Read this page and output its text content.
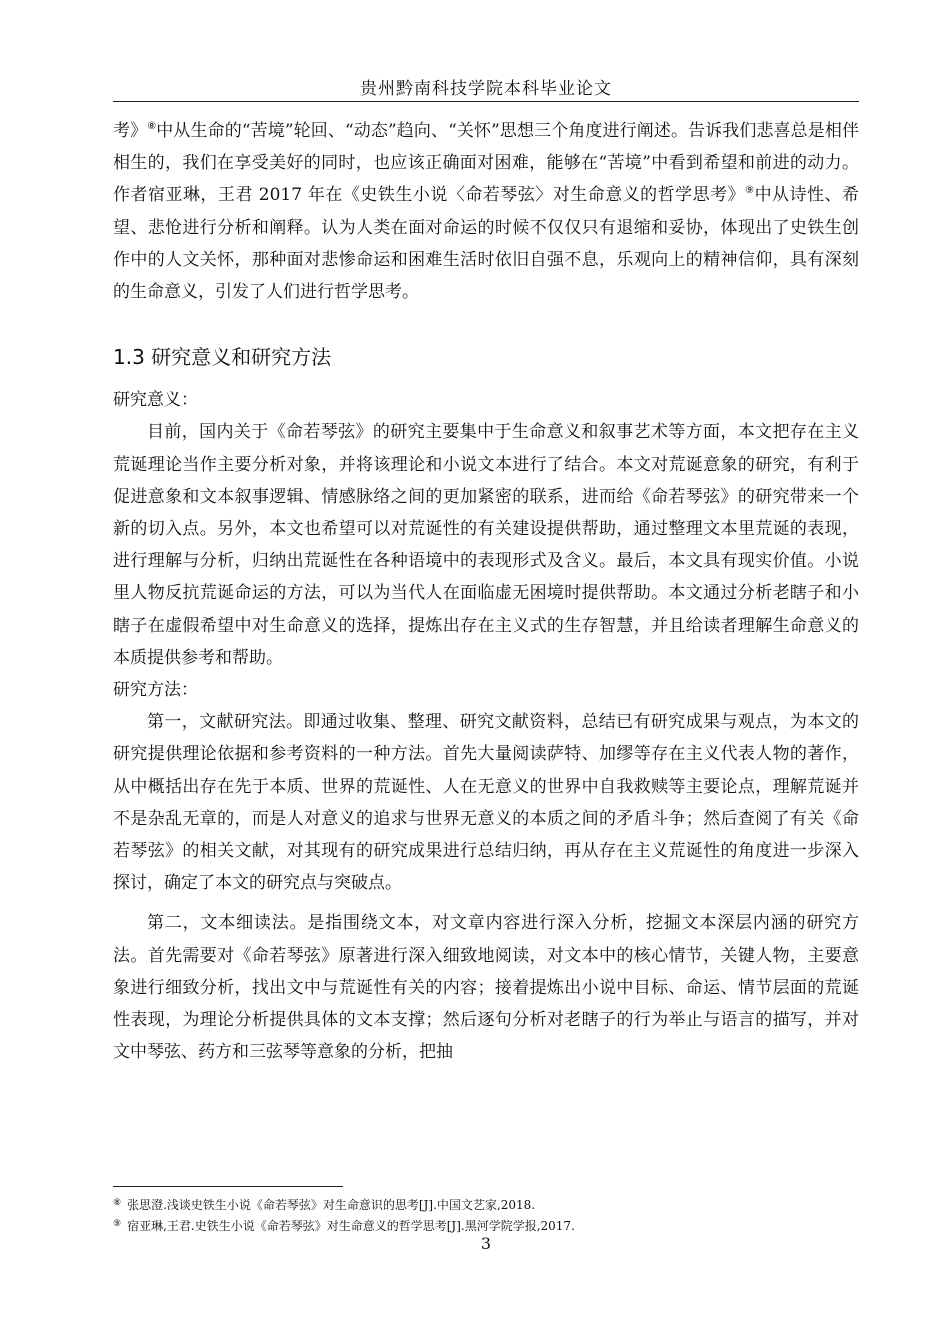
贵州黔南科技学院本科毕业论文

考》⑧中从生命的“苦境”轮回、“动态”趋向、“关怀”思想三个角度进行阐述。告诉我们悲喜总是相伴相生的，我们在享受美好的同时，也应该正确面对困难，能够在“苦境”中看到希望和前进的动力。作者宿亚琳，王君 2017 年在《史铁生小说〈命若琴弦〉对生命意义的哲学思考》⑨中从诗性、希望、悲怆进行分析和阐释。认为人类在面对命运的时候不仅仅只有退缩和妥协，体现出了史铁生创作中的人文关怀，那种面对悲惨命运和困难生活时依旧自强不息，乐观向上的精神信仰，具有深刻的生命意义，引发了人们进行哲学思考。

1.3 研究意义和研究方法

研究意义：

目前，国内关于《命若琴弦》的研究主要集中于生命意义和叙事艺术等方面，本文把存在主义荒诞理论当作主要分析对象，并将该理论和小说文本进行了结合。本文对荒诞意象的研究，有利于促进意象和文本叙事逻辑、情感脉络之间的更加紧密的联系，进而给《命若琴弦》的研究带来一个新的切入点。另外，本文也希望可以对荒诞性的有关建设提供帮助，通过整理文本里荒诞的表现，进行理解与分析，归纳出荒诞性在各种语境中的表现形式及含义。最后，本文具有现实价值。小说里人物反抗荒诞命运的方法，可以为当代人在面临虚无困境时提供帮助。本文通过分析老瞎子和小瞎子在虚假希望中对生命意义的选择，提炼出存在主义式的生存智慧，并且给读者理解生命意义的本质提供参考和帮助。

研究方法：

第一，文献研究法。即通过收集、整理、研究文献资料，总结已有研究成果与观点，为本文的研究提供理论依据和参考资料的一种方法。首先大量阅读萨特、加缪等存在主义代表人物的著作，从中概括出存在先于本质、世界的荒诞性、人在无意义的世界中自我救赎等主要论点，理解荒诞并不是杂乱无章的，而是人对意义的追求与世界无意义的本质之间的矛盾斗争；然后查阅了有关《命若琴弦》的相关文献，对其现有的研究成果进行总结归纳，再从存在主义荒诞性的角度进一步深入探讨，确定了本文的研究点与突破点。

第二，文本细读法。是指围绕文本，对文章内容进行深入分析，挖掘文本深层内涵的研究方法。首先需要对《命若琴弦》原著进行深入细致地阅读，对文本中的核心情节，关键人物，主要意象进行细致分析，找出文中与荒诞性有关的内容；接着提炼出小说中目标、命运、情节层面的荒诞性表现，为理论分析提供具体的文本支撑；然后逐句分析对老瞎子的行为举止与语言的描写，并对文中琴弦、药方和三弦琴等意象的分析，把抽

⑧ 张思澄.浅谈史铁生小说《命若琴弦》对生命意识的思考[J].中国文艺家,2018.
⑨ 宿亚琳,王君.史铁生小说《命若琴弦》对生命意义的哲学思考[J].黑河学院学报,2017.
3
